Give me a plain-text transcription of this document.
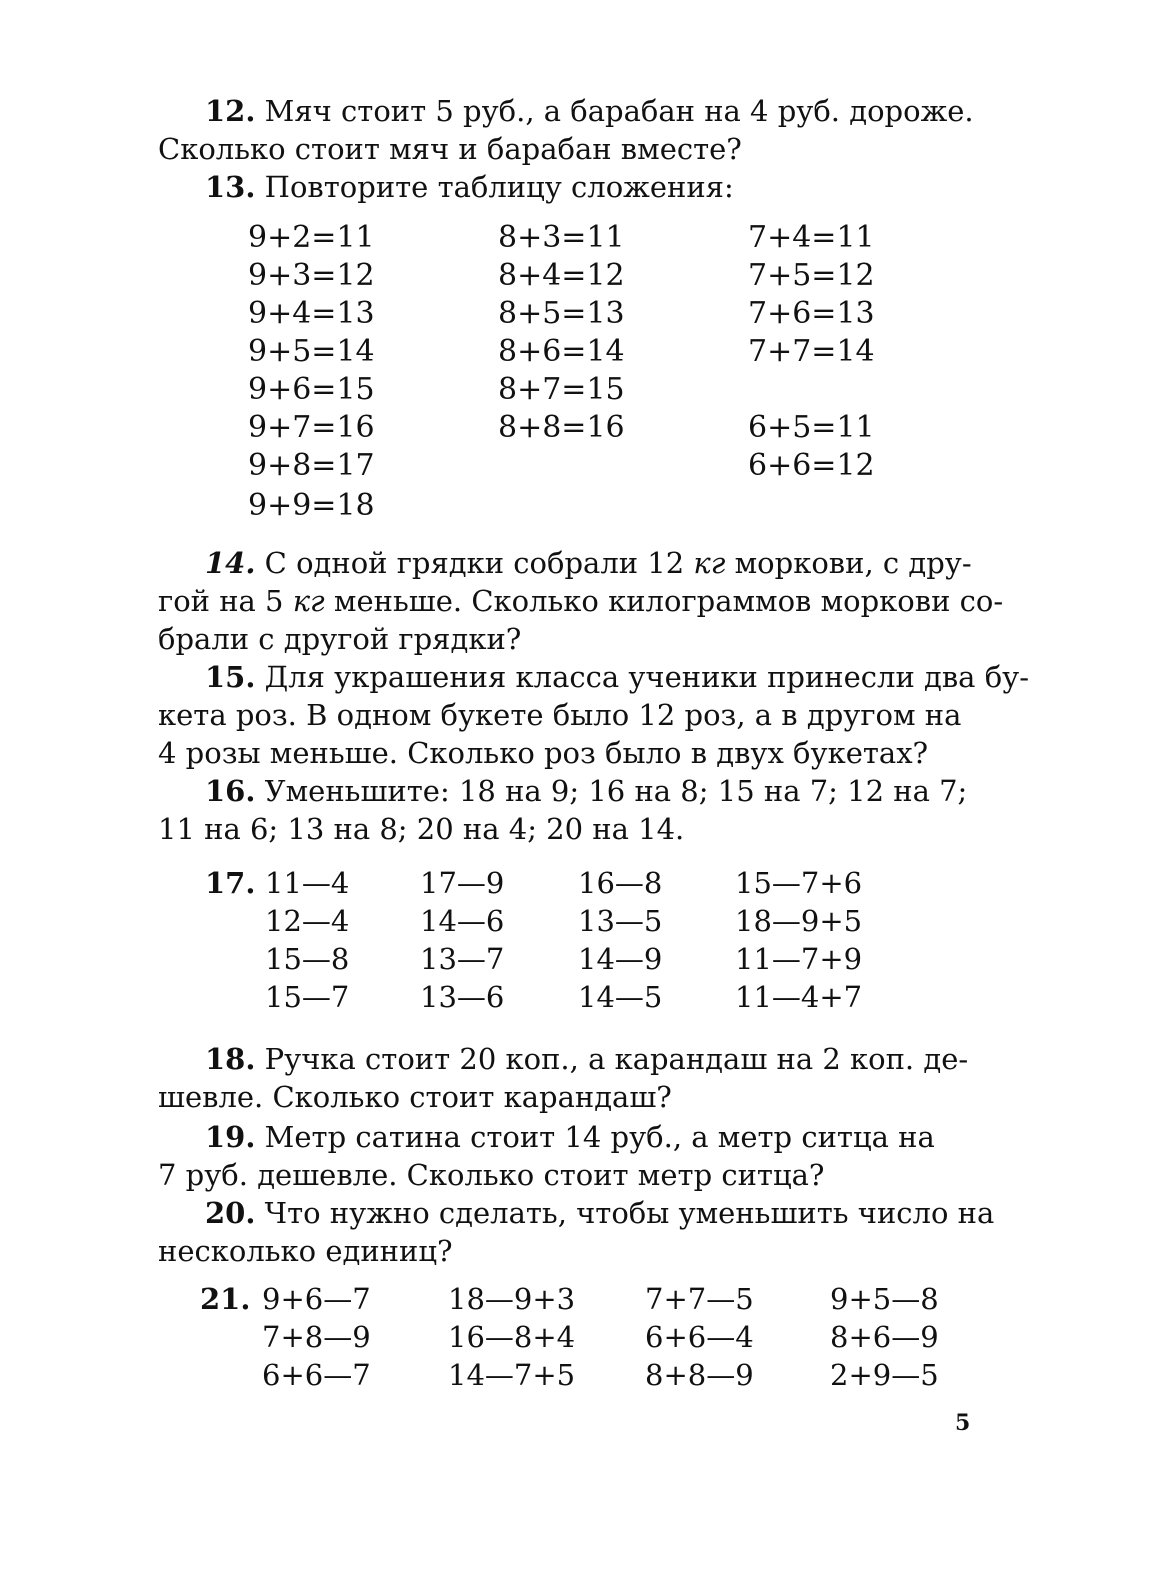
12. Мяч стоит 5 руб., а барабан на 4 руб. дороже.
Сколько стоит мяч и барабан вместе?
13. Повторите таблицу сложения:
9+2=11
9+3=12
9+4=13
9+5=14
9+6=15
9+7=16
9+8=17
9+9=18
8+3=11
8+4=12
8+5=13
8+6=14
8+7=15
8+8=16
7+4=11
7+5=12
7+6=13
7+7=14
6+5=11
6+6=12
14. С одной грядки собрали 12 кг моркови, с дру-
гой на 5 кг меньше. Сколько килограммов моркови со-
брали с другой грядки?
15. Для украшения класса ученики принесли два бу-
кета роз. В одном букете было 12 роз, а в другом на
4 розы меньше. Сколько роз было в двух букетах?
16. Уменьшите: 18 на 9; 16 на 8; 15 на 7; 12 на 7;
11 на 6; 13 на 8; 20 на 4; 20 на 14.
17. 11—4
12—4
15—8
15—7
17—9
14—6
13—7
13—6
16—8
13—5
14—9
14—5
15—7+6
18—9+5
11—7+9
11—4+7
18. Ручка стоит 20 коп., а карандаш на 2 коп. де-
шевле. Сколько стоит карандаш?
19. Метр сатина стоит 14 руб., а метр ситца на
7 руб. дешевле. Сколько стоит метр ситца?
20. Что нужно сделать, чтобы уменьшить число на
несколько единиц?
21. 9+6—7
7+8—9
6+6—7
18—9+3
16—8+4
14—7+5
7+7—5
6+6—4
8+8—9
9+5—8
8+6—9
2+9—5
5
